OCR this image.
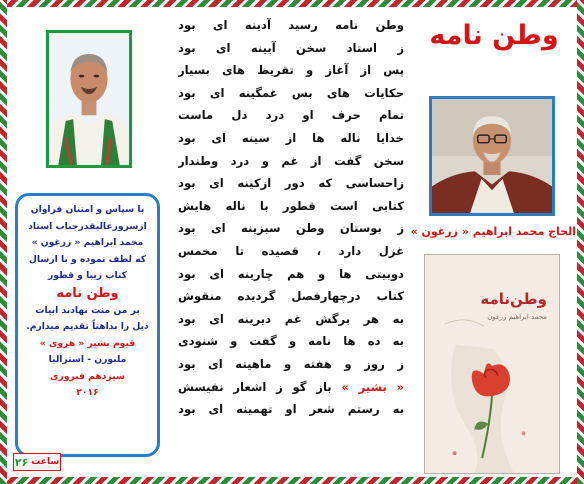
با سپاس و امتنان فراوان
ازسرورعالیقدرجناب استاد
محمد ابراهیم « زرغون »
که لطف نموده و با ارسال
کتاب زیبا و قطور
وطن نامه
بر من منت نهادند ابیات
ذیل را بداهتاً تقدیم میدارم.
قیوم بشیر « هروی »
ملبورن - استرالیا
سیزدهم فبروری
۲۰۱۶
۲۶ ساعت
وطن نامه رسید آدینه ای بود
ز استاد سخن آیینه ای بود
پس از آغاز و تقریظ های بسیار
حکایات های بس غمگینه ای بود
تمام حرف او درد دل ماست
خدایا ناله ها از سینه ای بود
سخن گفت از غم و درد وطندار
زاحساسی که دور ازکینه ای بود
کتابی است قطور با ناله هایش
ز بوستان وطن سبزینه ای بود
غزل دارد ، قصیده تا مخمس
دوبیتی ها و هم چارینه ای بود
کتاب درچهارفصل گردیده منقوش
به هر برگش غم دیرینه ای بود
به ده ها نامه و گفت و شنودی
ز روز و هفته و ماهینه ای بود
« بشیر » باز گو ز اشعار نفیسش
به رستم شعر او تهمینه ای بود
وطن نامه
الحاج محمد ابراهیم « زرغون »
وطن‌نامه
محمد ابراهیم زرغون
